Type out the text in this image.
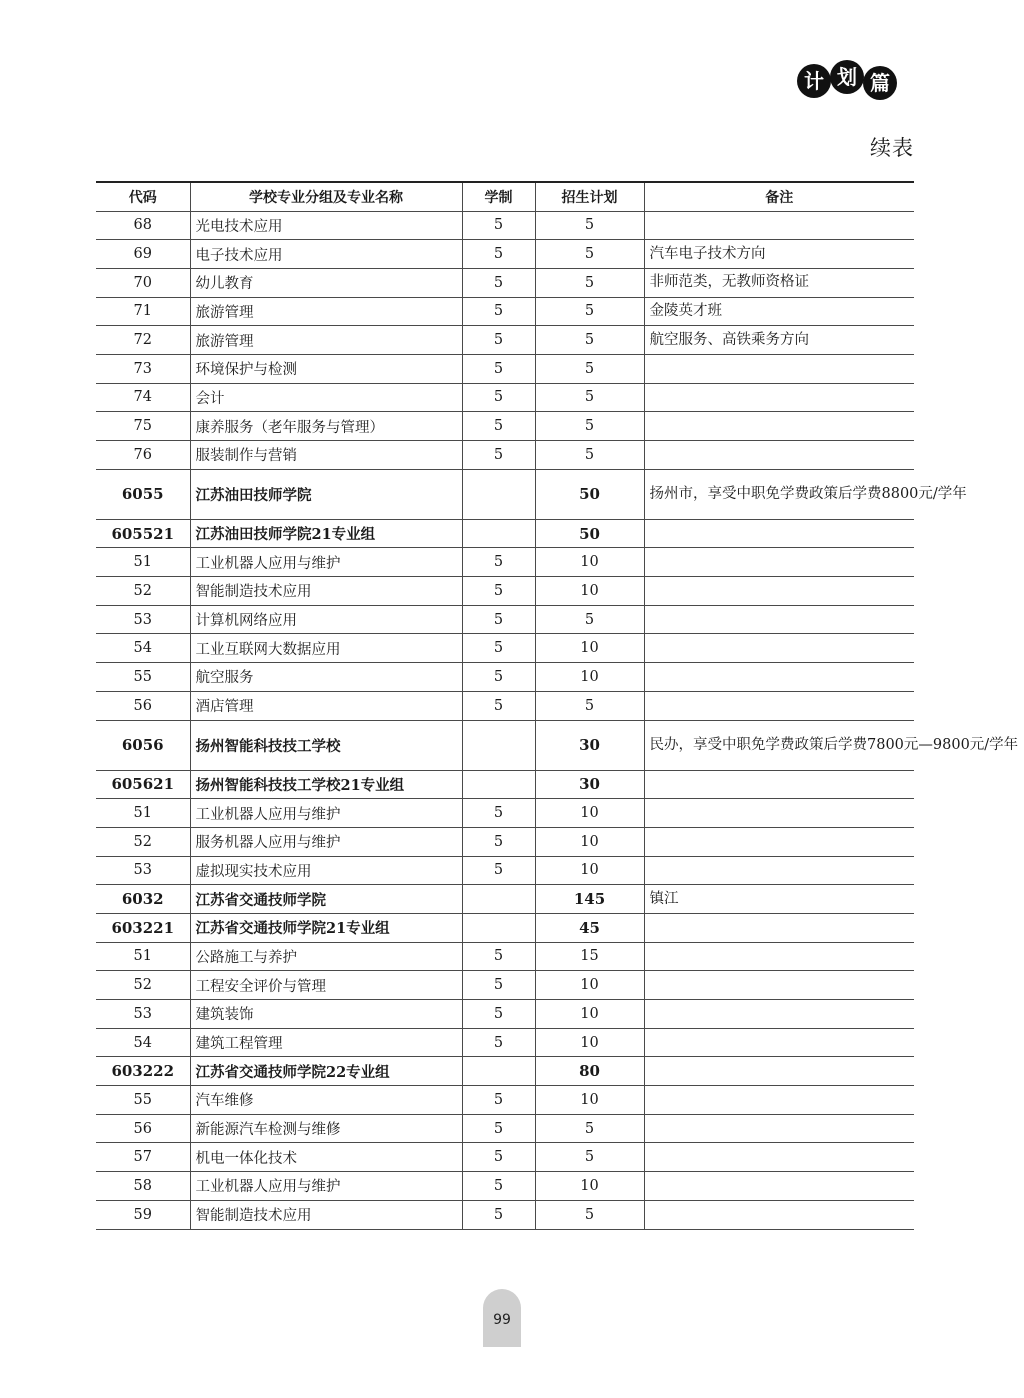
计 划 篇
续表
代码	学校专业分组及专业名称	学制	招生计划	备注
68	光电技术应用	5	5	
69	电子技术应用	5	5	汽车电子技术方向
70	幼儿教育	5	5	非师范类，无教师资格证
71	旅游管理	5	5	金陵英才班
72	旅游管理	5	5	航空服务、高铁乘务方向
73	环境保护与检测	5	5	
74	会计	5	5	
75	康养服务（老年服务与管理）	5	5	
76	服装制作与营销	5	5	
6055	江苏油田技师学院		50	扬州市，享受中职免学费政策后学费8800元/学年
605521	江苏油田技师学院21专业组		50	
51	工业机器人应用与维护	5	10	
52	智能制造技术应用	5	10	
53	计算机网络应用	5	5	
54	工业互联网大数据应用	5	10	
55	航空服务	5	10	
56	酒店管理	5	5	
6056	扬州智能科技技工学校		30	民办，享受中职免学费政策后学费7800元—9800元/学年
605621	扬州智能科技技工学校21专业组		30	
51	工业机器人应用与维护	5	10	
52	服务机器人应用与维护	5	10	
53	虚拟现实技术应用	5	10	
6032	江苏省交通技师学院		145	镇江
603221	江苏省交通技师学院21专业组		45	
51	公路施工与养护	5	15	
52	工程安全评价与管理	5	10	
53	建筑装饰	5	10	
54	建筑工程管理	5	10	
603222	江苏省交通技师学院22专业组		80	
55	汽车维修	5	10	
56	新能源汽车检测与维修	5	5	
57	机电一体化技术	5	5	
58	工业机器人应用与维护	5	10	
59	智能制造技术应用	5	5	
99
